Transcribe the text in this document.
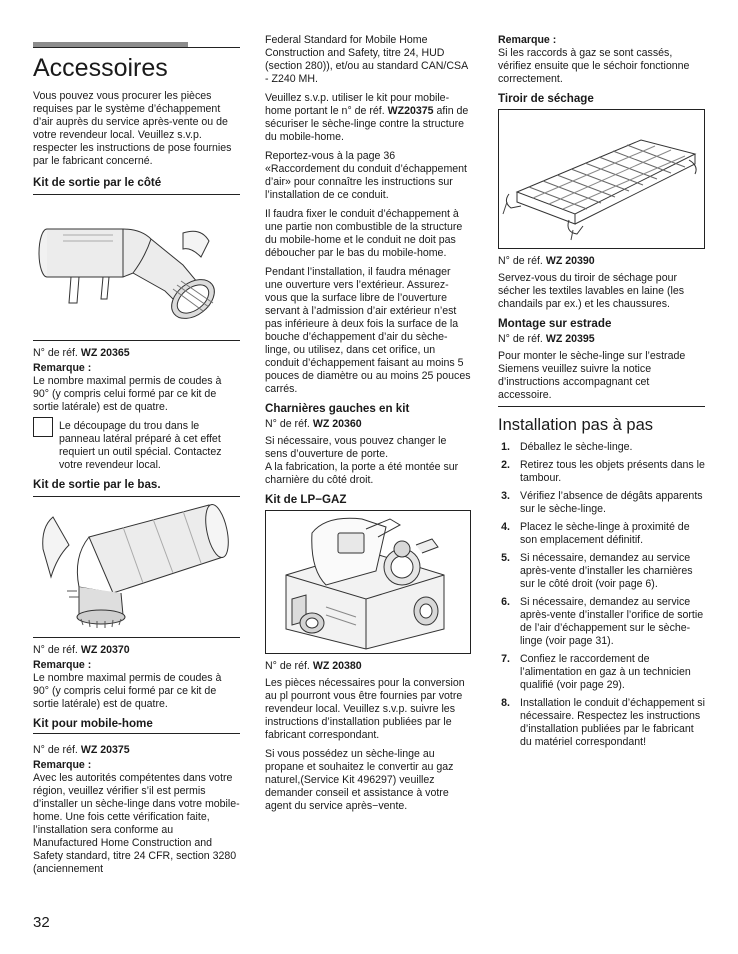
Accessoires

Vous pouvez vous procurer les pièces requises par le système d’échappement d’air auprès du service après-vente ou de votre revendeur local. Veuillez s.v.p. respecter les instructions de pose fournies par le fabricant concerné.

Kit de sortie par le côté

N° de réf. WZ 20365

Remarque :

Le nombre maximal permis de coudes à 90° (y compris celui formé par ce kit de sortie latérale) est de quatre.

Le découpage du trou dans le panneau latéral préparé à cet effet requiert un outil spécial. Contactez votre revendeur local.
Kit de sortie par le bas.

N° de réf. WZ 20370

Remarque :

Le nombre maximal permis de coudes à 90° (y compris celui formé par ce kit de sortie latérale) est de quatre.

Kit pour mobile-home

N° de réf. WZ 20375

Remarque :

Avec les autorités compétentes dans votre région, veuillez vérifier s’il est permis d’installer un sèche-linge dans votre mobile-home. Une fois cette vérification faite, l’installation sera conforme au Manufactured Home Construction and Safety standard, titre 24 CFR, section 3280 (anciennement

Federal Standard for Mobile Home Construction and Safety, titre 24, HUD (section 280)), et/ou au standard CAN/CSA - Z240 MH.

Veuillez s.v.p. utiliser le kit pour mobile-home portant le n° de réf. WZ20375 afin de sécuriser le sèche-linge contre la structure du mobile-home.

Reportez-vous à la page 36 «Raccordement du conduit d’échappement d’air» pour connaître les instructions sur l’installation de ce conduit.

Il faudra fixer le conduit d’échappement à une partie non combustible de la structure du mobile-home et le conduit ne doit pas déboucher par le bas du mobile-home.

Pendant l’installation, il faudra ménager une ouverture vers l’extérieur. Assurez-vous que la surface libre de l’ouverture servant à l’admission d’air extérieur n’est pas inférieure à deux fois la surface de la bouche d’échappement d’air du sèche-linge, ou utilisez, dans cet orifice, un conduit d’échappement faisant au moins 5 pouces de diamètre ou au moins 25 pouces carrés.

Charnières gauches en kit

N° de réf. WZ 20360

Si nécessaire, vous pouvez changer le sens d’ouverture de porte.
A la fabrication, la porte a été montée sur charnière du côté droit.

Kit de LP−GAZ

N° de réf. WZ 20380

Les pièces nécessaires pour la conversion au pl pourront vous être fournies par votre revendeur local. Veuillez s.v.p. suivre les instructions d’installation publiées par le fabricant correspondant.

Si vous possédez un sèche-linge au propane et souhaitez le convertir au gaz naturel,(Service Kit 496297) veuillez demander conseil et assistance à votre agent du service après−vente.

Remarque :

Si les raccords à gaz se sont cassés, vérifiez ensuite que le séchoir fonctionne correctement.

Tiroir de séchage

N° de réf. WZ 20390

Servez-vous du tiroir de séchage pour sécher les textiles lavables en laine (les chandails par ex.) et les chaussures.

Montage sur estrade

N° de réf. WZ 20395

Pour monter le sèche-linge sur l’estrade Siemens veuillez suivre la notice d’instructions accompagnant cet accessoire.

Installation pas à pas
1. Déballez le sèche-linge.
2. Retirez tous les objets présents dans le tambour.
3. Vérifiez l’absence de dégâts apparents sur le sèche-linge.
4. Placez le sèche-linge à proximité de son emplacement définitif.
5. Si nécessaire, demandez au service après-vente d’installer les charnières sur le côté droit (voir page 6).
6. Si nécessaire, demandez au service après-vente d’installer l’orifice de sortie de l’air d’échappement sur le sèche-linge (voir page 31).
7. Confiez le raccordement de l’alimentation en gaz à un technicien qualifié (voir page 29).
8. Installation le conduit d’échappement si nécessaire. Respectez les instructions d’installation publiées par le fabricant du matériel correspondant!
32
